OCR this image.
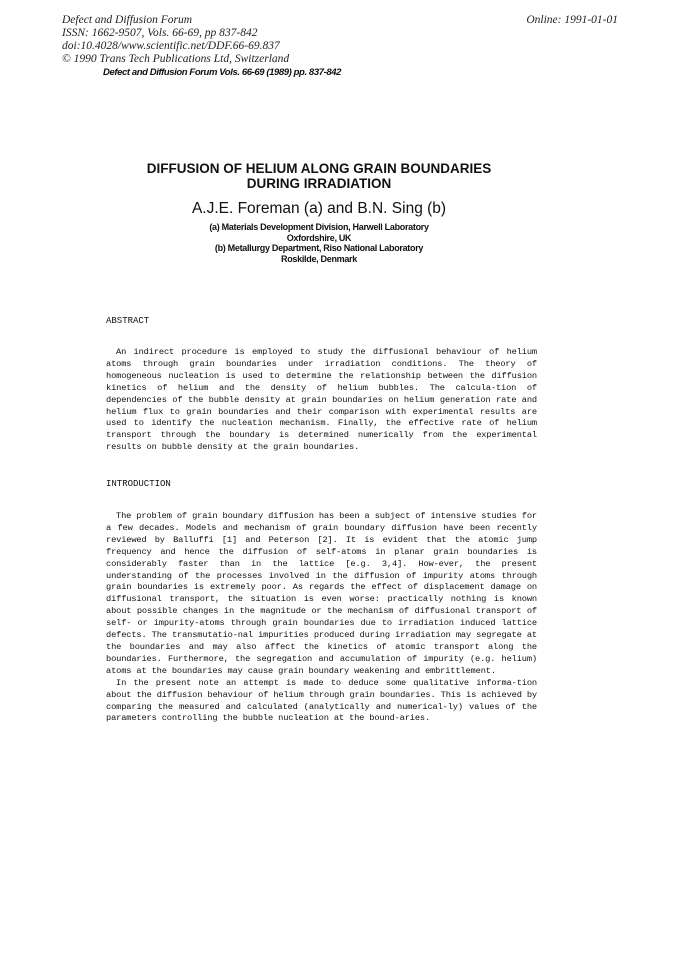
Defect and Diffusion Forum
ISSN: 1662-9507, Vols. 66-69, pp 837-842
doi:10.4028/www.scientific.net/DDF.66-69.837
© 1990 Trans Tech Publications Ltd, Switzerland
Online: 1991-01-01
Defect and Diffusion Forum Vols. 66-69 (1989) pp. 837-842
DIFFUSION OF HELIUM ALONG GRAIN BOUNDARIES
DURING IRRADIATION
A.J.E. Foreman (a) and B.N. Sing (b)
(a) Materials Development Division, Harwell Laboratory
Oxfordshire, UK
(b) Metallurgy Department, Riso National Laboratory
Roskilde, Denmark
ABSTRACT

An indirect procedure is employed to study the diffusional behaviour of helium atoms through grain boundaries under irradiation conditions. The theory of homogeneous nucleation is used to determine the relationship between the diffusion kinetics of helium and the density of helium bubbles. The calcula-tion of dependencies of the bubble density at grain boundaries on helium generation rate and helium flux to grain boundaries and their comparison with experimental results are used to identify the nucleation mechanism. Finally, the effective rate of helium transport through the boundary is determined numerically from the experimental results on bubble density at the grain boundaries.

INTRODUCTION

The problem of grain boundary diffusion has been a subject of intensive studies for a few decades. Models and mechanism of grain boundary diffusion have been recently reviewed by Balluffi [1] and Peterson [2]. It is evident that the atomic jump frequency and hence the diffusion of self-atoms in planar grain boundaries is considerably faster than in the lattice [e.g. 3,4]. How-ever, the present understanding of the processes involved in the diffusion of impurity atoms through grain boundaries is extremely poor. As regards the effect of displacement damage on diffusional transport, the situation is even worse: practically nothing is known about possible changes in the magnitude or the mechanism of diffusional transport of self- or impurity-atoms through grain boundaries due to irradiation induced lattice defects. The transmutatio-nal impurities produced during irradiation may segregate at the boundaries and may also affect the kinetics of atomic transport along the boundaries. Furthermore, the segregation and accumulation of impurity (e.g. helium) atoms at the boundaries may cause grain boundary weakening and embrittlement.

In the present note an attempt is made to deduce some qualitative informa-tion about the diffusion behaviour of helium through grain boundaries. This is achieved by comparing the measured and calculated (analytically and numerical-ly) values of the parameters controlling the bubble nucleation at the bound-aries.
